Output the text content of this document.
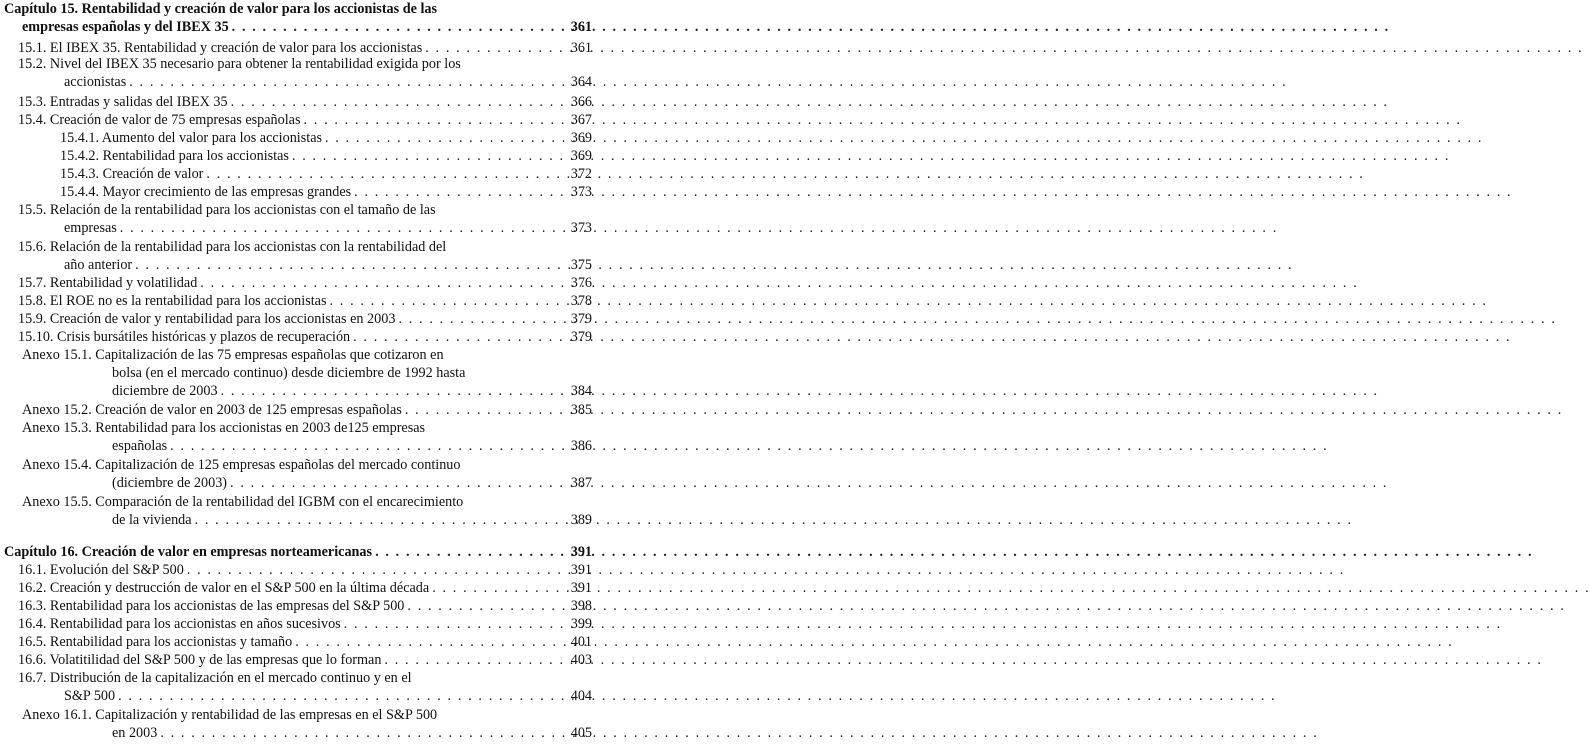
Capítulo 15. Rentabilidad y creación de valor para los accionistas de las
empresas españolas y del IBEX 35 . . .	361
15.1. El IBEX 35. Rentabilidad y creación de valor para los accionistas . . .	361
15.2. Nivel del IBEX 35 necesario para obtener la rentabilidad exigida por los
accionistas . . .	364
15.3. Entradas y salidas del IBEX 35 . . .	366
15.4. Creación de valor de 75 empresas españolas . . .	367
15.4.1. Aumento del valor para los accionistas . . .	369
15.4.2. Rentabilidad para los accionistas . . .	369
15.4.3. Creación de valor . . .	372
15.4.4. Mayor crecimiento de las empresas grandes . . .	373
15.5. Relación de la rentabilidad para los accionistas con el tamaño de las
empresas . . .	373
15.6. Relación de la rentabilidad para los accionistas con la rentabilidad del
año anterior . . .	375
15.7. Rentabilidad y volatilidad . . .	376
15.8. El ROE no es la rentabilidad para los accionistas . . .	378
15.9. Creación de valor y rentabilidad para los accionistas en 2003 . . .	379
15.10. Crisis bursátiles históricas y plazos de recuperación . . .	379
Anexo 15.1. Capitalización de las 75 empresas españolas que cotizaron en
bolsa (en el mercado continuo) desde diciembre de 1992 hasta
diciembre de 2003 . . .	384
Anexo 15.2. Creación de valor en 2003 de 125 empresas españolas . . .	385
Anexo 15.3. Rentabilidad para los accionistas en 2003 de125 empresas
españolas . . .	386
Anexo 15.4. Capitalización de 125 empresas españolas del mercado continuo
(diciembre de 2003) . . .	387
Anexo 15.5. Comparación de la rentabilidad del IGBM con el encarecimiento
de la vivienda . . .	389
Capítulo 16. Creación de valor en empresas norteamericanas . . .	391
16.1. Evolución del S&P 500 . . .	391
16.2. Creación y destrucción de valor en el S&P 500 en la última década . . .	391
16.3. Rentabilidad para los accionistas de las empresas del S&P 500 . . .	398
16.4. Rentabilidad para los accionistas en años sucesivos . . .	399
16.5. Rentabilidad para los accionistas y tamaño . . .	401
16.6. Volatitilidad del S&P 500 y de las empresas que lo forman . . .	403
16.7. Distribución de la capitalización en el mercado continuo y en el
S&P 500 . . .	404
Anexo 16.1. Capitalización y rentabilidad de las empresas en el S&P 500
en 2003 . . .	405
